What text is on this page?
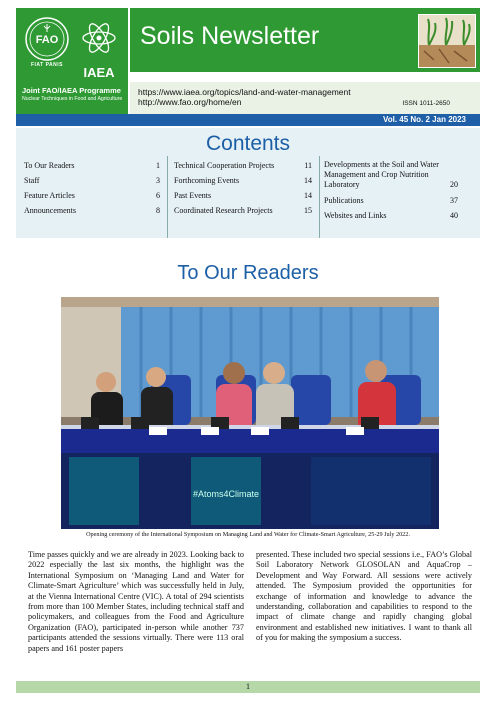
FAO
FIAT PANIS	IAEA
Joint FAO/IAEA Programme
Nuclear Techniques in Food and Agriculture
Soils Newsletter
https://www.iaea.org/topics/land-and-water-management
http://www.fao.org/home/en	ISSN 1011-2650
Vol. 45 No. 2 Jan 2023
Contents
To Our Readers	1
Staff	3
Feature Articles	6
Announcements	8
Technical Cooperation Projects	11
Forthcoming Events	14
Past Events	14
Coordinated Research Projects	15
Developments at the Soil and Water Management and Crop Nutrition Laboratory	20
Publications	37
Websites and Links	40
To Our Readers
#Atoms4Climate
Opening ceremony of the International Symposium on Managing Land and Water for Climate-Smart Agriculture, 25-29 July 2022.
Time passes quickly and we are already in 2023. Looking back to 2022 especially the last six months, the highlight was the International Symposium on ‘Managing Land and Water for Climate-Smart Agriculture’ which was successfully held in July, at the Vienna International Centre (VIC). A total of 294 scientists from more than 100 Member States, including technical staff and policymakers, and colleagues from the Food and Agriculture Organization (FAO), participated in-person while another 737 participants attended the sessions virtually. There were 113 oral papers and 161 poster papers
presented. These included two special sessions i.e., FAO’s Global Soil Laboratory Network GLOSOLAN and AquaCrop – Development and Way Forward. All sessions were actively attended. The Symposium provided the opportunities for exchange of information and knowledge to advance the understanding, collaboration and capabilities to respond to the impact of climate change and rapidly changing global environment and established new initiatives. I want to thank all of you for making the symposium a success.
1
